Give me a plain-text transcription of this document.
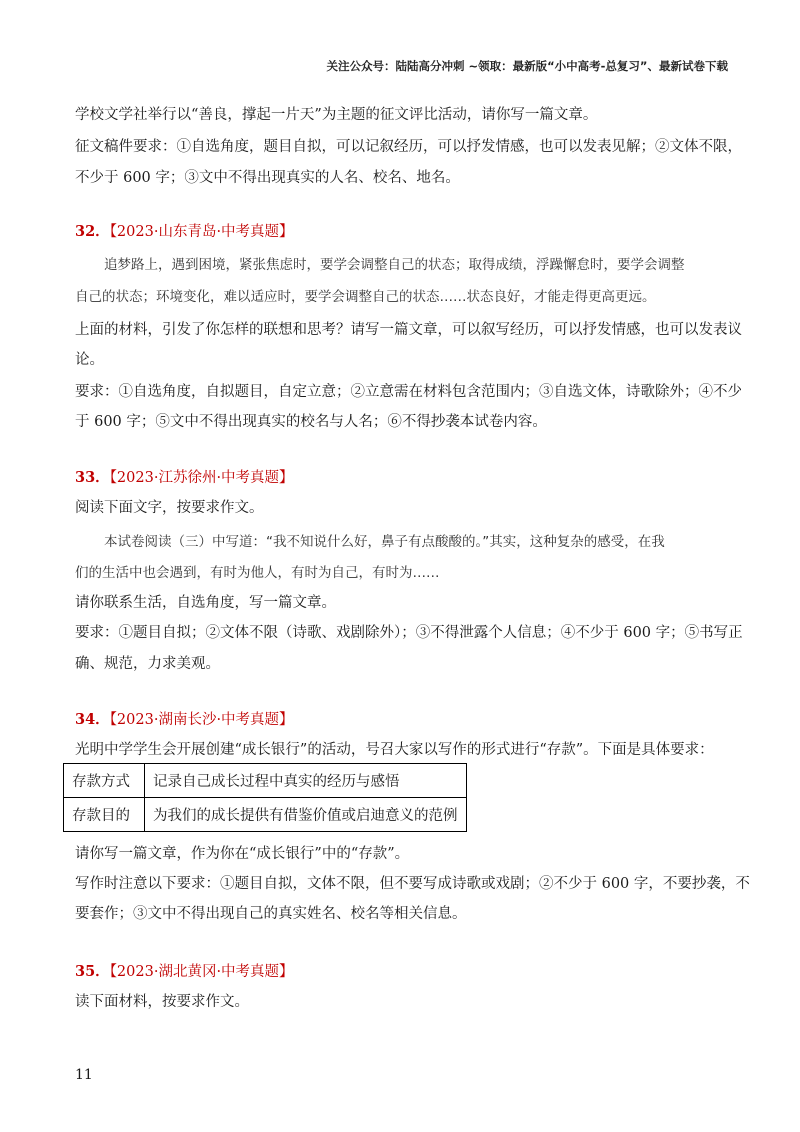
关注公众号：陆陆高分冲刺 ~领取：最新版“小中高考-总复习”、最新试卷下载
学校文学社举行以“善良，撑起一片天”为主题的征文评比活动，请你写一篇文章。
征文稿件要求：①自选角度，题目自拟，可以记叙经历，可以抒发情感，也可以发表见解；②文体不限，
不少于 600 字；③文中不得出现真实的人名、校名、地名。
32．【2023·山东青岛·中考真题】
追梦路上，遇到困境，紧张焦虑时，要学会调整自己的状态；取得成绩，浮躁懈怠时，要学会调整
自己的状态；环境变化，难以适应时，要学会调整自己的状态……状态良好，才能走得更高更远。
上面的材料，引发了你怎样的联想和思考？请写一篇文章，可以叙写经历，可以抒发情感，也可以发表议
论。
要求：①自选角度，自拟题目，自定立意；②立意需在材料包含范围内；③自选文体，诗歌除外；④不少
于 600 字；⑤文中不得出现真实的校名与人名；⑥不得抄袭本试卷内容。
33．【2023·江苏徐州·中考真题】
阅读下面文字，按要求作文。
本试卷阅读（三）中写道：“我不知说什么好，鼻子有点酸酸的。”其实，这种复杂的感受，在我
们的生活中也会遇到，有时为他人，有时为自己，有时为……
请你联系生活，自选角度，写一篇文章。
要求：①题目自拟；②文体不限（诗歌、戏剧除外）；③不得泄露个人信息；④不少于 600 字；⑤书写正
确、规范，力求美观。
34．【2023·湖南长沙·中考真题】
光明中学学生会开展创建“成长银行”的活动，号召大家以写作的形式进行“存款”。下面是具体要求：
存款方式	记录自己成长过程中真实的经历与感悟
存款目的	为我们的成长提供有借鉴价值或启迪意义的范例
请你写一篇文章，作为你在“成长银行”中的“存款”。
写作时注意以下要求：①题目自拟，文体不限，但不要写成诗歌或戏剧；②不少于 600 字，不要抄袭，不
要套作；③文中不得出现自己的真实姓名、校名等相关信息。
35．【2023·湖北黄冈·中考真题】
读下面材料，按要求作文。
11
